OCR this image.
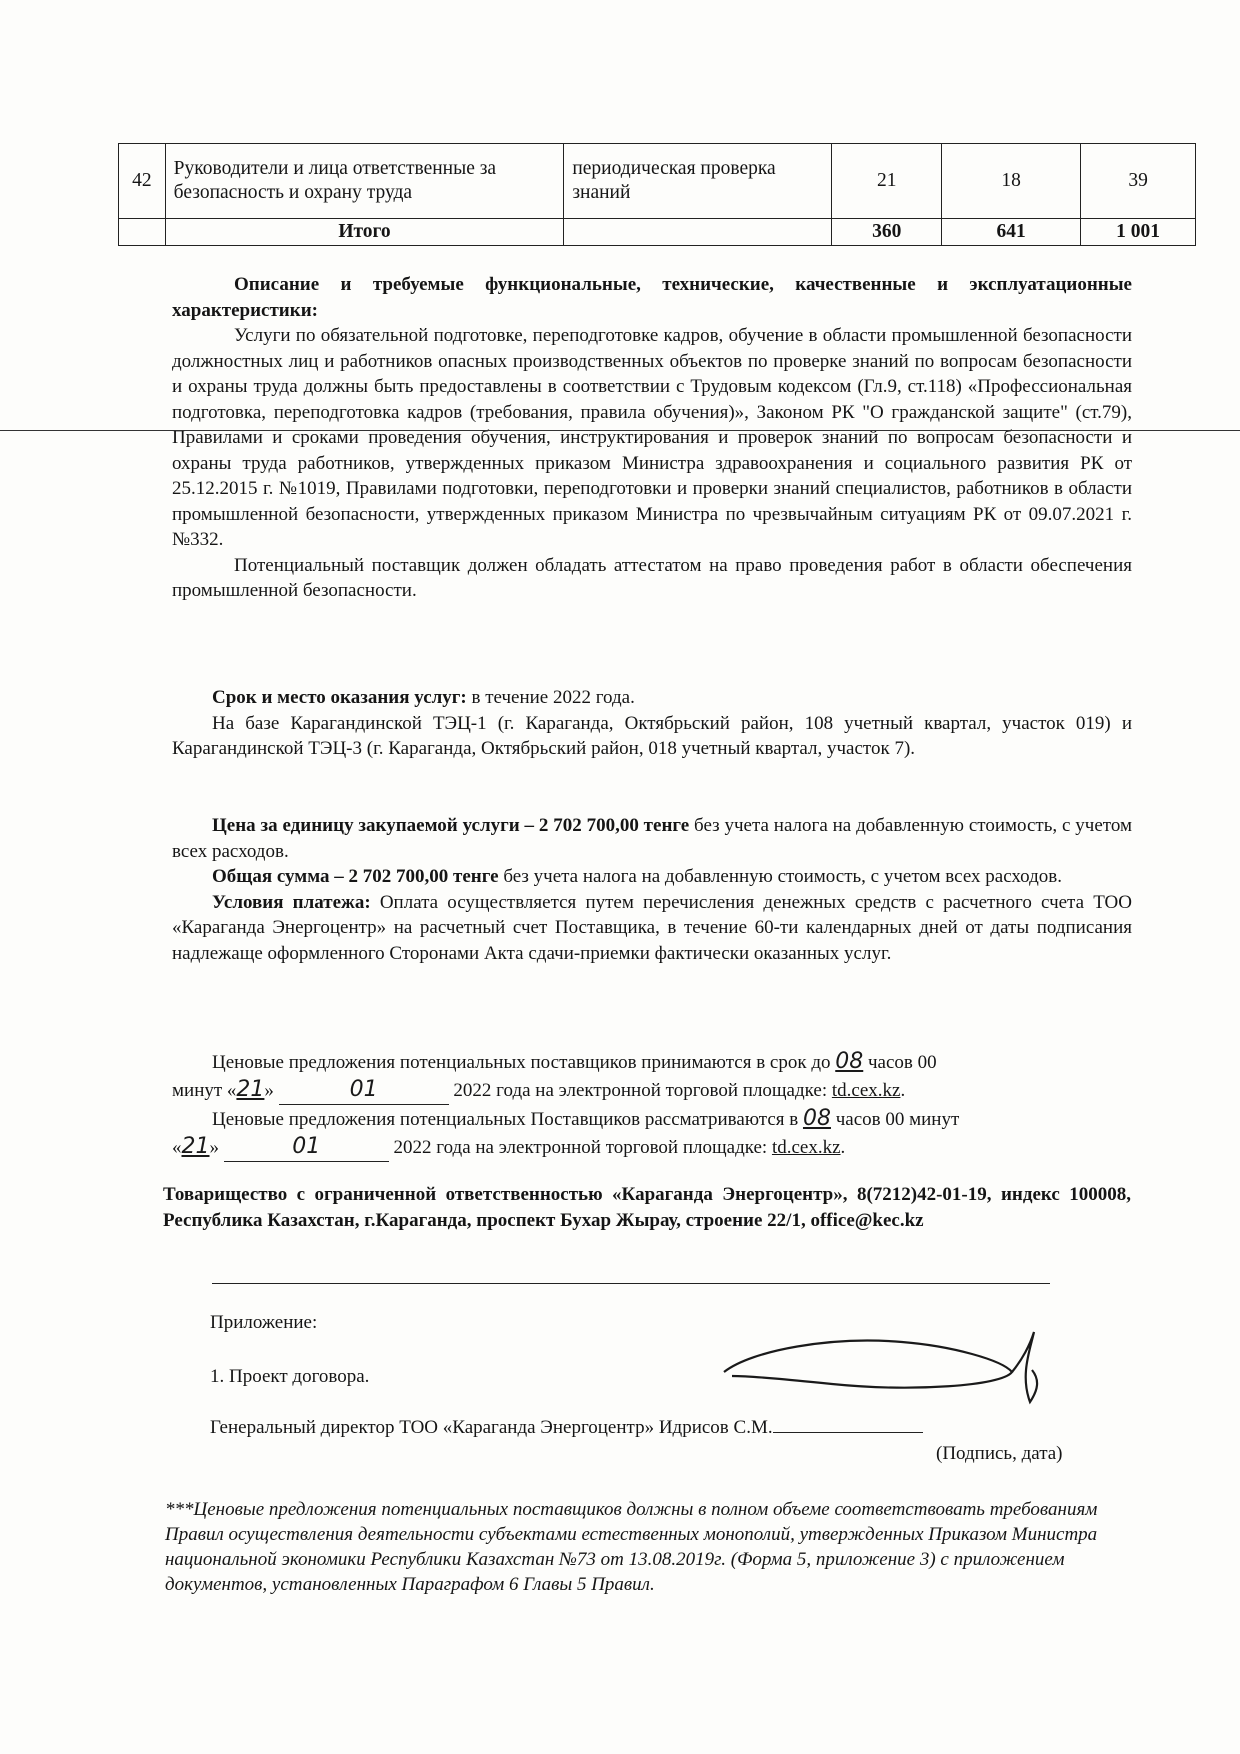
42	Руководители и лица ответственные за безопасность и охрану труда	периодическая проверка знаний	21	18	39
	Итого		360	641	1 001

Описание и требуемые функциональные, технические, качественные и эксплуатационные характеристики:

Услуги по обязательной подготовке, переподготовке кадров, обучение в области промышленной безопасности должностных лиц и работников опасных производственных объектов по проверке знаний по вопросам безопасности и охраны труда должны быть предоставлены в соответствии с Трудовым кодексом (Гл.9, ст.118) «Профессиональная подготовка, переподготовка кадров (требования, правила обучения)», Законом РК "О гражданской защите" (ст.79), Правилами и сроками проведения обучения, инструктирования и проверок знаний по вопросам безопасности и охраны труда работников, утвержденных приказом Министра здравоохранения и социального развития РК от 25.12.2015 г. №1019, Правилами подготовки, переподготовки и проверки знаний специалистов, работников в области промышленной безопасности, утвержденных приказом Министра по чрезвычайным ситуациям РК от 09.07.2021 г. №332.

Потенциальный поставщик должен обладать аттестатом на право проведения работ в области обеспечения промышленной безопасности.

Срок и место оказания услуг: в течение 2022 года.

На базе Карагандинской ТЭЦ-1 (г. Караганда, Октябрьский район, 108 учетный квартал, участок 019) и Карагандинской ТЭЦ-3 (г. Караганда, Октябрьский район, 018 учетный квартал, участок 7).

Цена за единицу закупаемой услуги – 2 702 700,00 тенге без учета налога на добавленную стоимость, с учетом всех расходов.

Общая сумма – 2 702 700,00 тенге без учета налога на добавленную стоимость, с учетом всех расходов.

Условия платежа: Оплата осуществляется путем перечисления денежных средств с расчетного счета ТОО «Караганда Энергоцентр» на расчетный счет Поставщика, в течение 60-ти календарных дней от даты подписания надлежаще оформленного Сторонами Акта сдачи-приемки фактически оказанных услуг.

Ценовые предложения потенциальных поставщиков принимаются в срок до 08 часов 00

минут «21»	01	2022 года на электронной торговой площадке: td.cex.kz.

Ценовые предложения потенциальных Поставщиков рассматриваются в 08 часов 00 минут

«21»	01	2022 года на электронной торговой площадке: td.cex.kz.

Товарищество с ограниченной ответственностью «Караганда Энергоцентр», 8(7212)42-01-19, индекс 100008, Республика Казахстан, г.Караганда, проспект Бухар Жырау, строение 22/1, office@kec.kz
Приложение:
1. Проект договора.
Генеральный директор ТОО «Караганда Энергоцентр» Идрисов С.М.
(Подпись, дата)
***Ценовые предложения потенциальных поставщиков должны в полном объеме соответствовать требованиям Правил осуществления деятельности субъектами естественных монополий, утвержденных Приказом Министра национальной экономики Республики Казахстан №73 от 13.08.2019г. (Форма 5, приложение 3) с приложением документов, установленных Параграфом 6 Главы 5 Правил.
